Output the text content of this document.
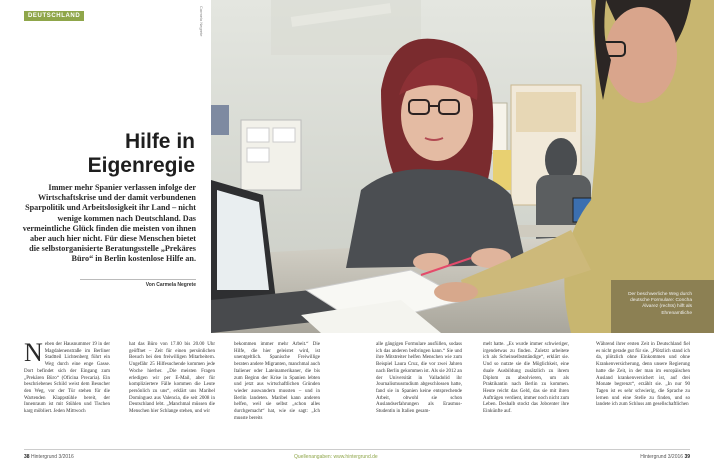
DEUTSCHLAND	Carmela Negrete
Hilfe in
Eigenregie
Immer mehr Spanier verlassen infolge der Wirtschaftskrise und der damit verbundenen Sparpolitik und Arbeitslosigkeit ihr Land – nicht wenige kommen nach Deutschland. Das vermeintliche Glück finden die meisten von ihnen aber auch hier nicht. Für diese Menschen bietet die selbstorganisierte Beratungsstelle „Prekäres Büro“ in Berlin kostenlose Hilfe an.
Von Carmela Negrete
Der beschwerliche Weg durch deutsche Formulare: Concha Álvarez (rechts) hilft als Ehrenamtliche
Neben der Hausnummer 19 in der Magdalenenstraße im Berliner Stadtteil Lichtenberg führt ein Weg durch eine enge Gasse. Dort befindet sich der Eingang zum „Prekären Büro“ (Oficina Precaria). Ein beschriebenes Schild weist dem Besucher den Weg, vor der Tür stehen für die Wartenden Klappstühle bereit, der Innenraum ist mit Stühlen und Tischen karg möbliert. Jeden Mittwoch
hat das Büro von 17.00 bis 20.00 Uhr geöffnet – Zeit für einen persönlichen Besuch bei den freiwilligen Mitarbeitern. Ungefähr 25 Hilfesuchende kommen jede Woche hierher. „Die meisten Fragen erledigen wir per E-Mail, aber für kompliziertere Fälle kommen die Leute persönlich zu uns“, erklärt uns Maribel Domínguez aus Valencia, die seit 2008 in Deutschland lebt. „Manchmal müssen die Menschen hier Schlange stehen, und wir
bekommen immer mehr Arbeit.“ Die Hilfe, die hier geleistet wird, ist unentgeltlich. Spanische Freiwillige beraten andere Migranten, manchmal auch Italiener oder Lateinamerikaner, die bis zum Beginn der Krise in Spanien lebten und jetzt aus wirtschaftlichen Gründen wieder auswandern mussten – und in Berlin landeten. Maribel kann anderen helfen, weil sie selbst „schon alles durchgemacht“ hat, wie sie sagt: „Ich musste bereits
alle gängigen Formulare ausfüllen, sodass ich das anderen beibringen kann.“ Sie und ihre Mitstreiter helfen Menschen wie zum Beispiel Laura Cruz, die vor zwei Jahren nach Berlin gekommen ist. Als sie 2012 an der Universität in Valladolid ihr Journalismusstudium abgeschlossen hatte, fand sie in Spanien keine entsprechende Arbeit, obwohl sie schon Auslandserfahrungen als Erasmus-Studentin in Italien gesam-
melt hatte. „Es wurde immer schwieriger, irgendetwas zu finden. Zuletzt arbeitete ich als Scheinselbstständige“, erklärt sie. Und so nutzte sie die Möglichkeit, eine duale Ausbildung zusätzlich zu ihrem Diplom zu absolvieren, um als Praktikantin nach Berlin zu kommen. Heute reicht das Geld, das sie mit ihren Aufträgen verdient, immer noch nicht zum Leben. Deshalb stockt das Jobcenter ihre Einkünfte auf.
Während ihrer ersten Zeit in Deutschland fiel es nicht gerade gut für sie. „Plötzlich stand ich da, plötzlich ohne Einkommen und ohne Krankenversicherung, denn unsere Regierung hatte die Zeit, in der man im europäischen Ausland krankenversichert ist, auf drei Monate begrenzt“, erzählt sie. „In nur 90 Tagen ist es sehr schwierig, die Sprache zu lernen und eine Stelle zu finden, und so landete ich zum Schluss am gesellschaftlichen
38 Hintergrund 3/2016	Quellenangaben: www.hintergrund.de	Hintergrund 3/2016 39
